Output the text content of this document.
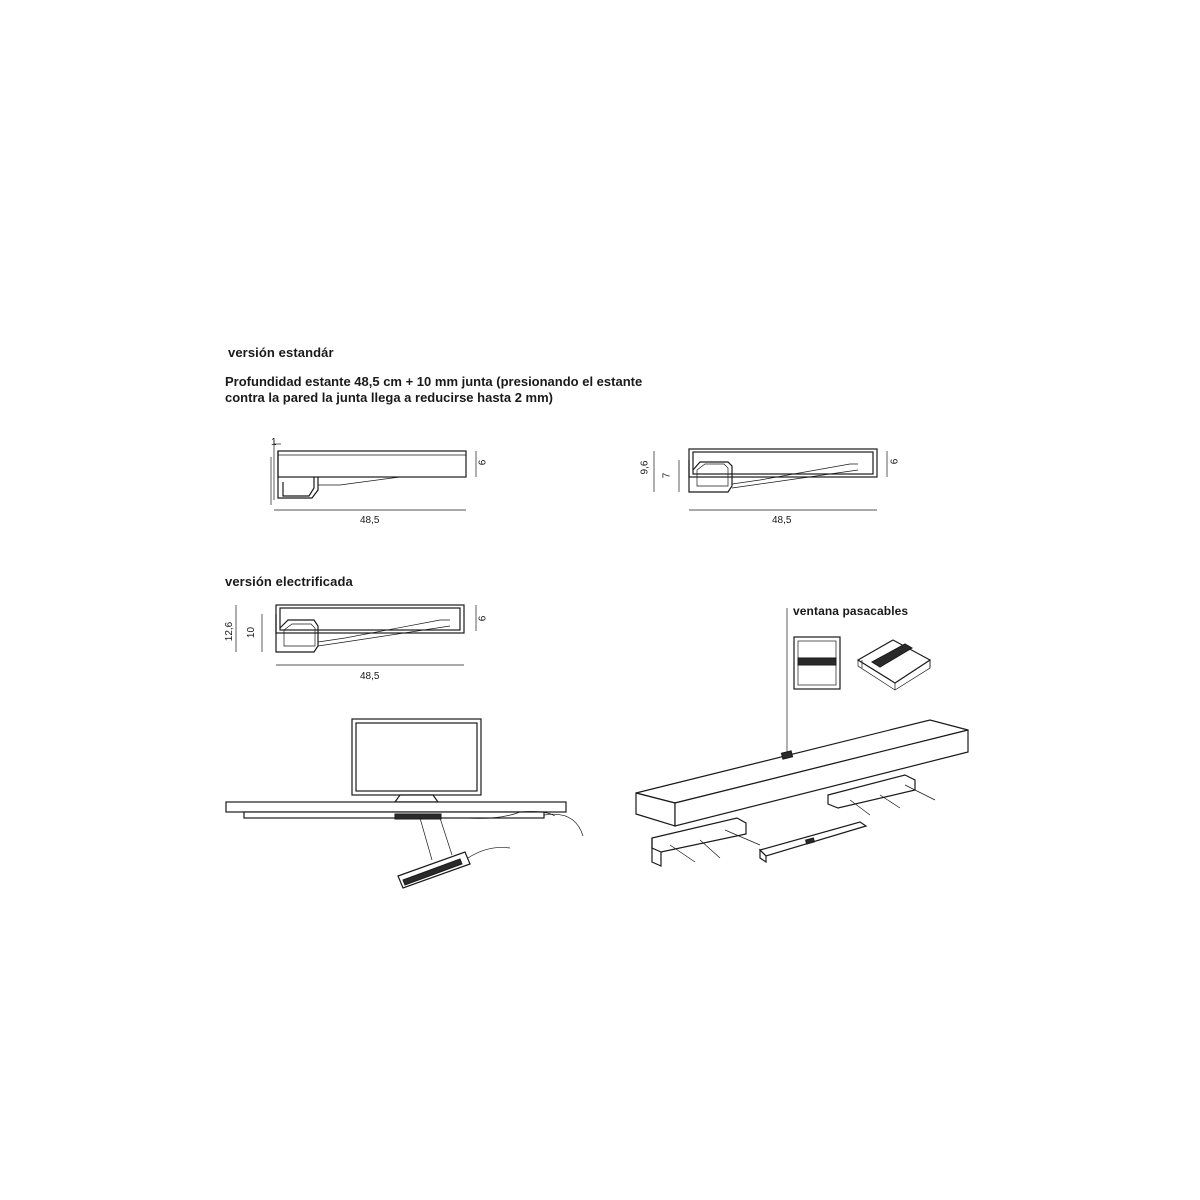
versión estandár
Profundidad estante 48,5 cm + 10 mm junta (presionando el estante contra la pared la junta llega a reducirse hasta 2 mm)
versión electrificada
ventana pasacables
48,5
1
6
48,5
9,6
7
6
48,5
12,6 10
6
